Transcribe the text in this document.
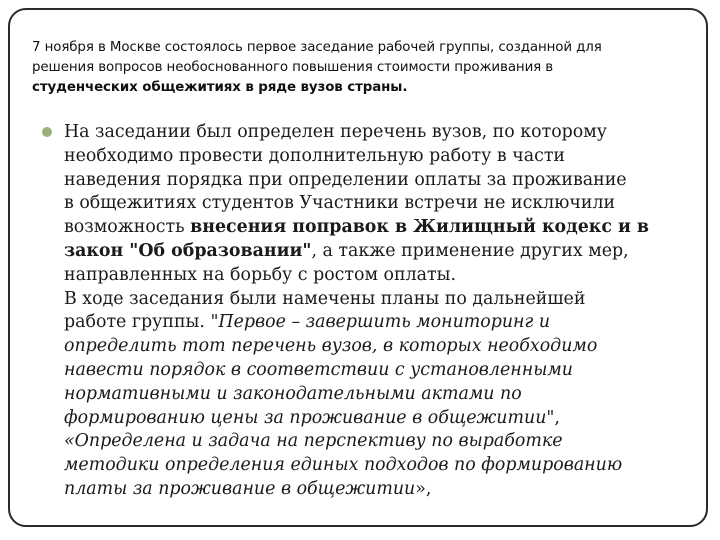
7 ноября в Москве состоялось первое заседание рабочей группы, созданной для
решения вопросов необоснованного повышения стоимости проживания в
студенческих общежитиях в ряде вузов страны.
На заседании был определен перечень вузов, по которому
необходимо провести дополнительную работу в части
наведения порядка при определении оплаты за проживание
в общежитиях студентов Участники встречи не исключили
возможность внесения поправок в Жилищный кодекс и в
закон "Об образовании", а также применение других мер,
направленных на борьбу с ростом оплаты.
В ходе заседания были намечены планы по дальнейшей
работе группы. "Первое – завершить мониторинг и
определить тот перечень вузов, в которых необходимо
навести порядок в соответствии с установленными
нормативными и законодательными актами по
формированию цены за проживание в общежитии",
«Определена и задача на перспективу по выработке
методики определения единых подходов по формированию
платы за проживание в общежитии»,
